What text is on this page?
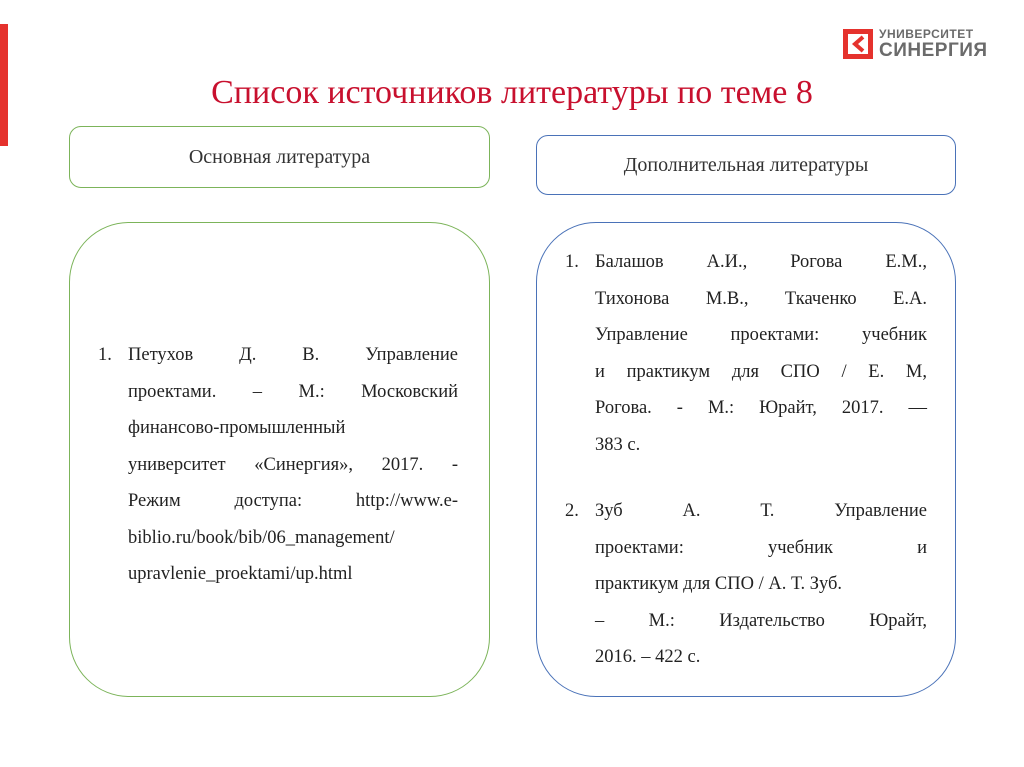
УНИВЕРСИТЕТ
СИНЕРГИЯ
Список источников литературы по теме 8
Основная литература	Дополнительная литературы
1. Петухов Д. В. Управление
проектами. – М.: Московский
финансово-промышленный
университет «Синергия», 2017. -
Режим доступа: http://www.e-
biblio.ru/book/bib/06_management/
upravlenie_proektami/up.html
1. Балашов А.И., Рогова Е.М.,
Тихонова М.В., Ткаченко Е.А.
Управление проектами: учебник
и практикум для СПО / Е. М,
Рогова. - М.: Юрайт, 2017. —
383 с.
2. Зуб А. Т. Управление
проектами: учебник и
практикум для СПО / А. Т. Зуб.
– М.: Издательство Юрайт,
2016. – 422 с.
